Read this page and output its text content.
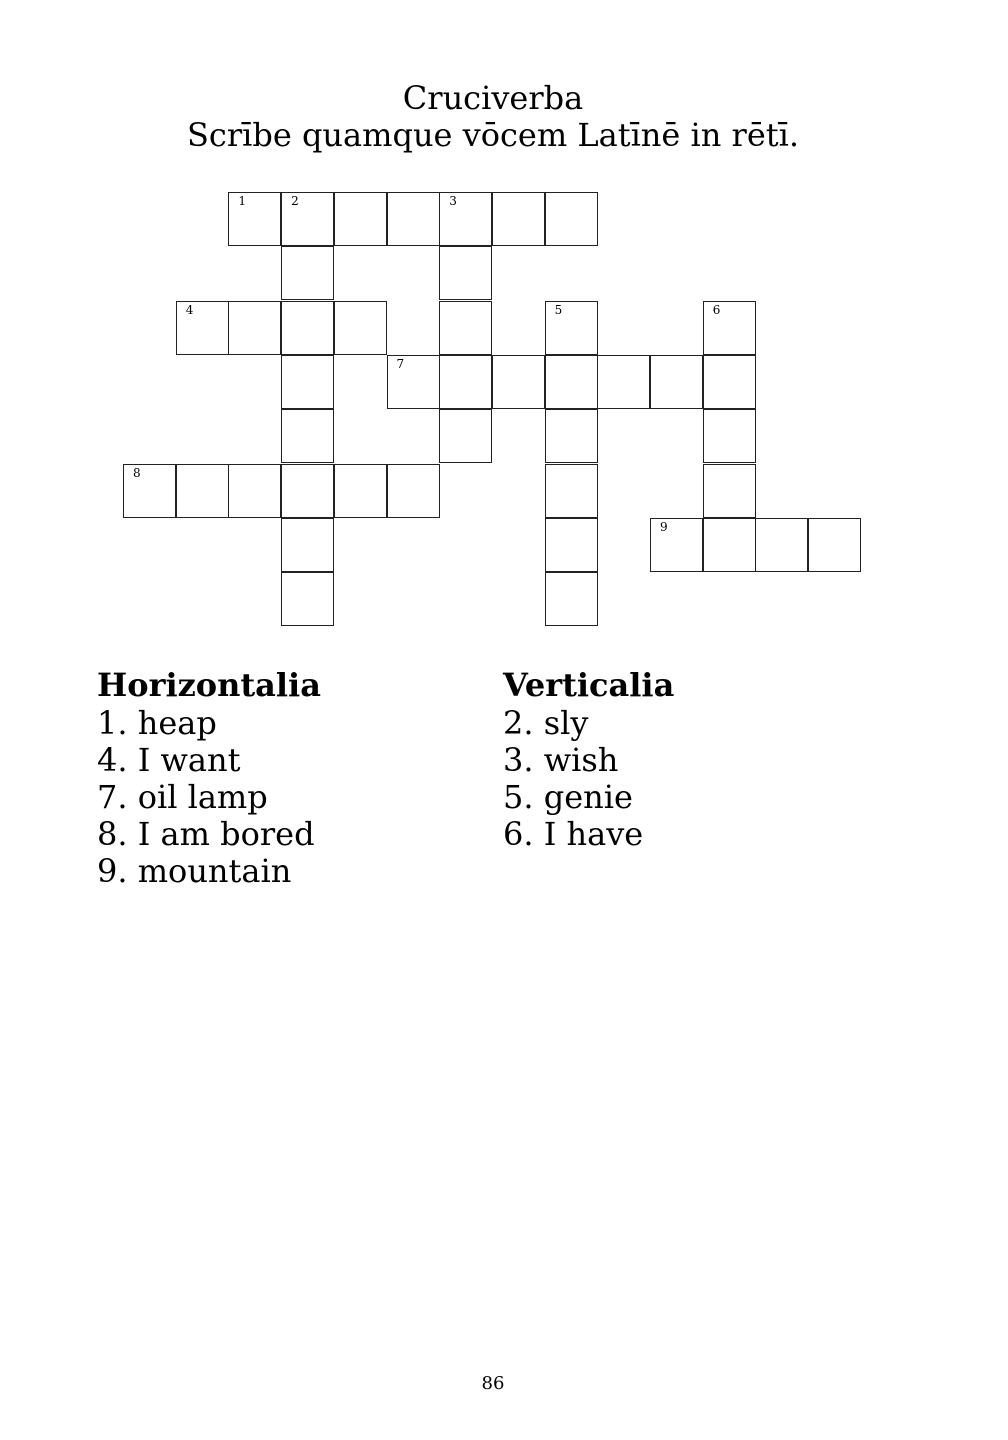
Cruciverba
Scrībe quamque vōcem Latīnē in rētī.
1	2	3
4	5	6
7
8
9
Horizontalia
1. heap
4. I want
7. oil lamp
8. I am bored
9. mountain
Verticalia
2. sly
3. wish
5. genie
6. I have
86
